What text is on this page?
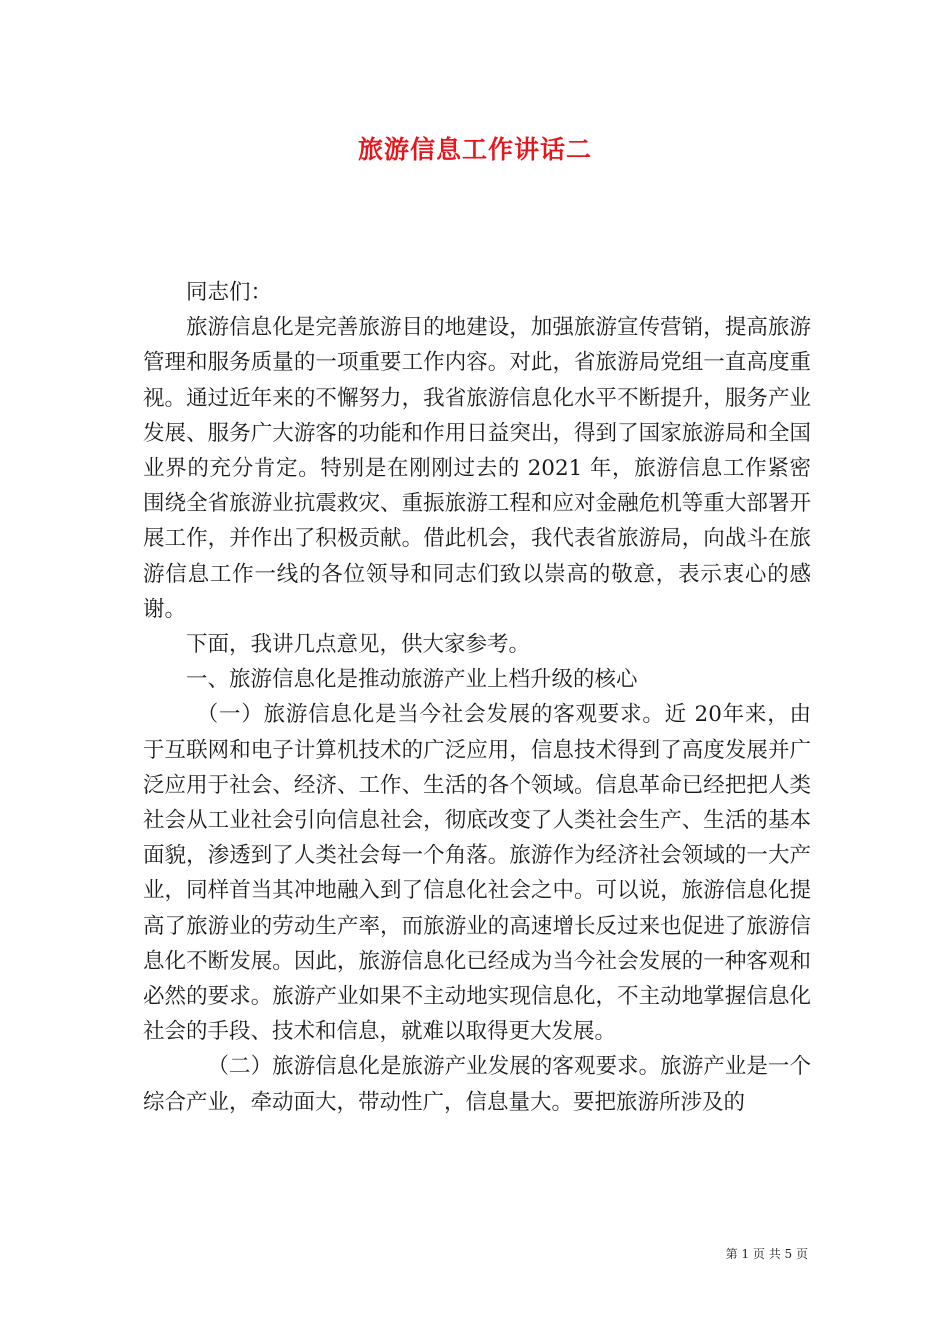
旅游信息工作讲话二

同志们：

旅游信息化是完善旅游目的地建设，加强旅游宣传营销，提高旅游管理和服务质量的一项重要工作内容。对此，省旅游局党组一直高度重视。通过近年来的不懈努力，我省旅游信息化水平不断提升，服务产业发展、服务广大游客的功能和作用日益突出，得到了国家旅游局和全国业界的充分肯定。特别是在刚刚过去的 2021 年，旅游信息工作紧密围绕全省旅游业抗震救灾、重振旅游工程和应对金融危机等重大部署开展工作，并作出了积极贡献。借此机会，我代表省旅游局，向战斗在旅游信息工作一线的各位领导和同志们致以崇高的敬意，表示衷心的感谢。

下面，我讲几点意见，供大家参考。

一、旅游信息化是推动旅游产业上档升级的核心

（一）旅游信息化是当今社会发展的客观要求。近 20年来，由于互联网和电子计算机技术的广泛应用，信息技术得到了高度发展并广泛应用于社会、经济、工作、生活的各个领域。信息革命已经把把人类社会从工业社会引向信息社会，彻底改变了人类社会生产、生活的基本面貌，渗透到了人类社会每一个角落。旅游作为经济社会领域的一大产业，同样首当其冲地融入到了信息化社会之中。可以说，旅游信息化提高了旅游业的劳动生产率，而旅游业的高速增长反过来也促进了旅游信息化不断发展。因此，旅游信息化已经成为当今社会发展的一种客观和必然的要求。旅游产业如果不主动地实现信息化，不主动地掌握信息化社会的手段、技术和信息，就难以取得更大发展。

（二）旅游信息化是旅游产业发展的客观要求。旅游产业是一个综合产业，牵动面大，带动性广，信息量大。要把旅游所涉及的

第 1 页 共 5 页
